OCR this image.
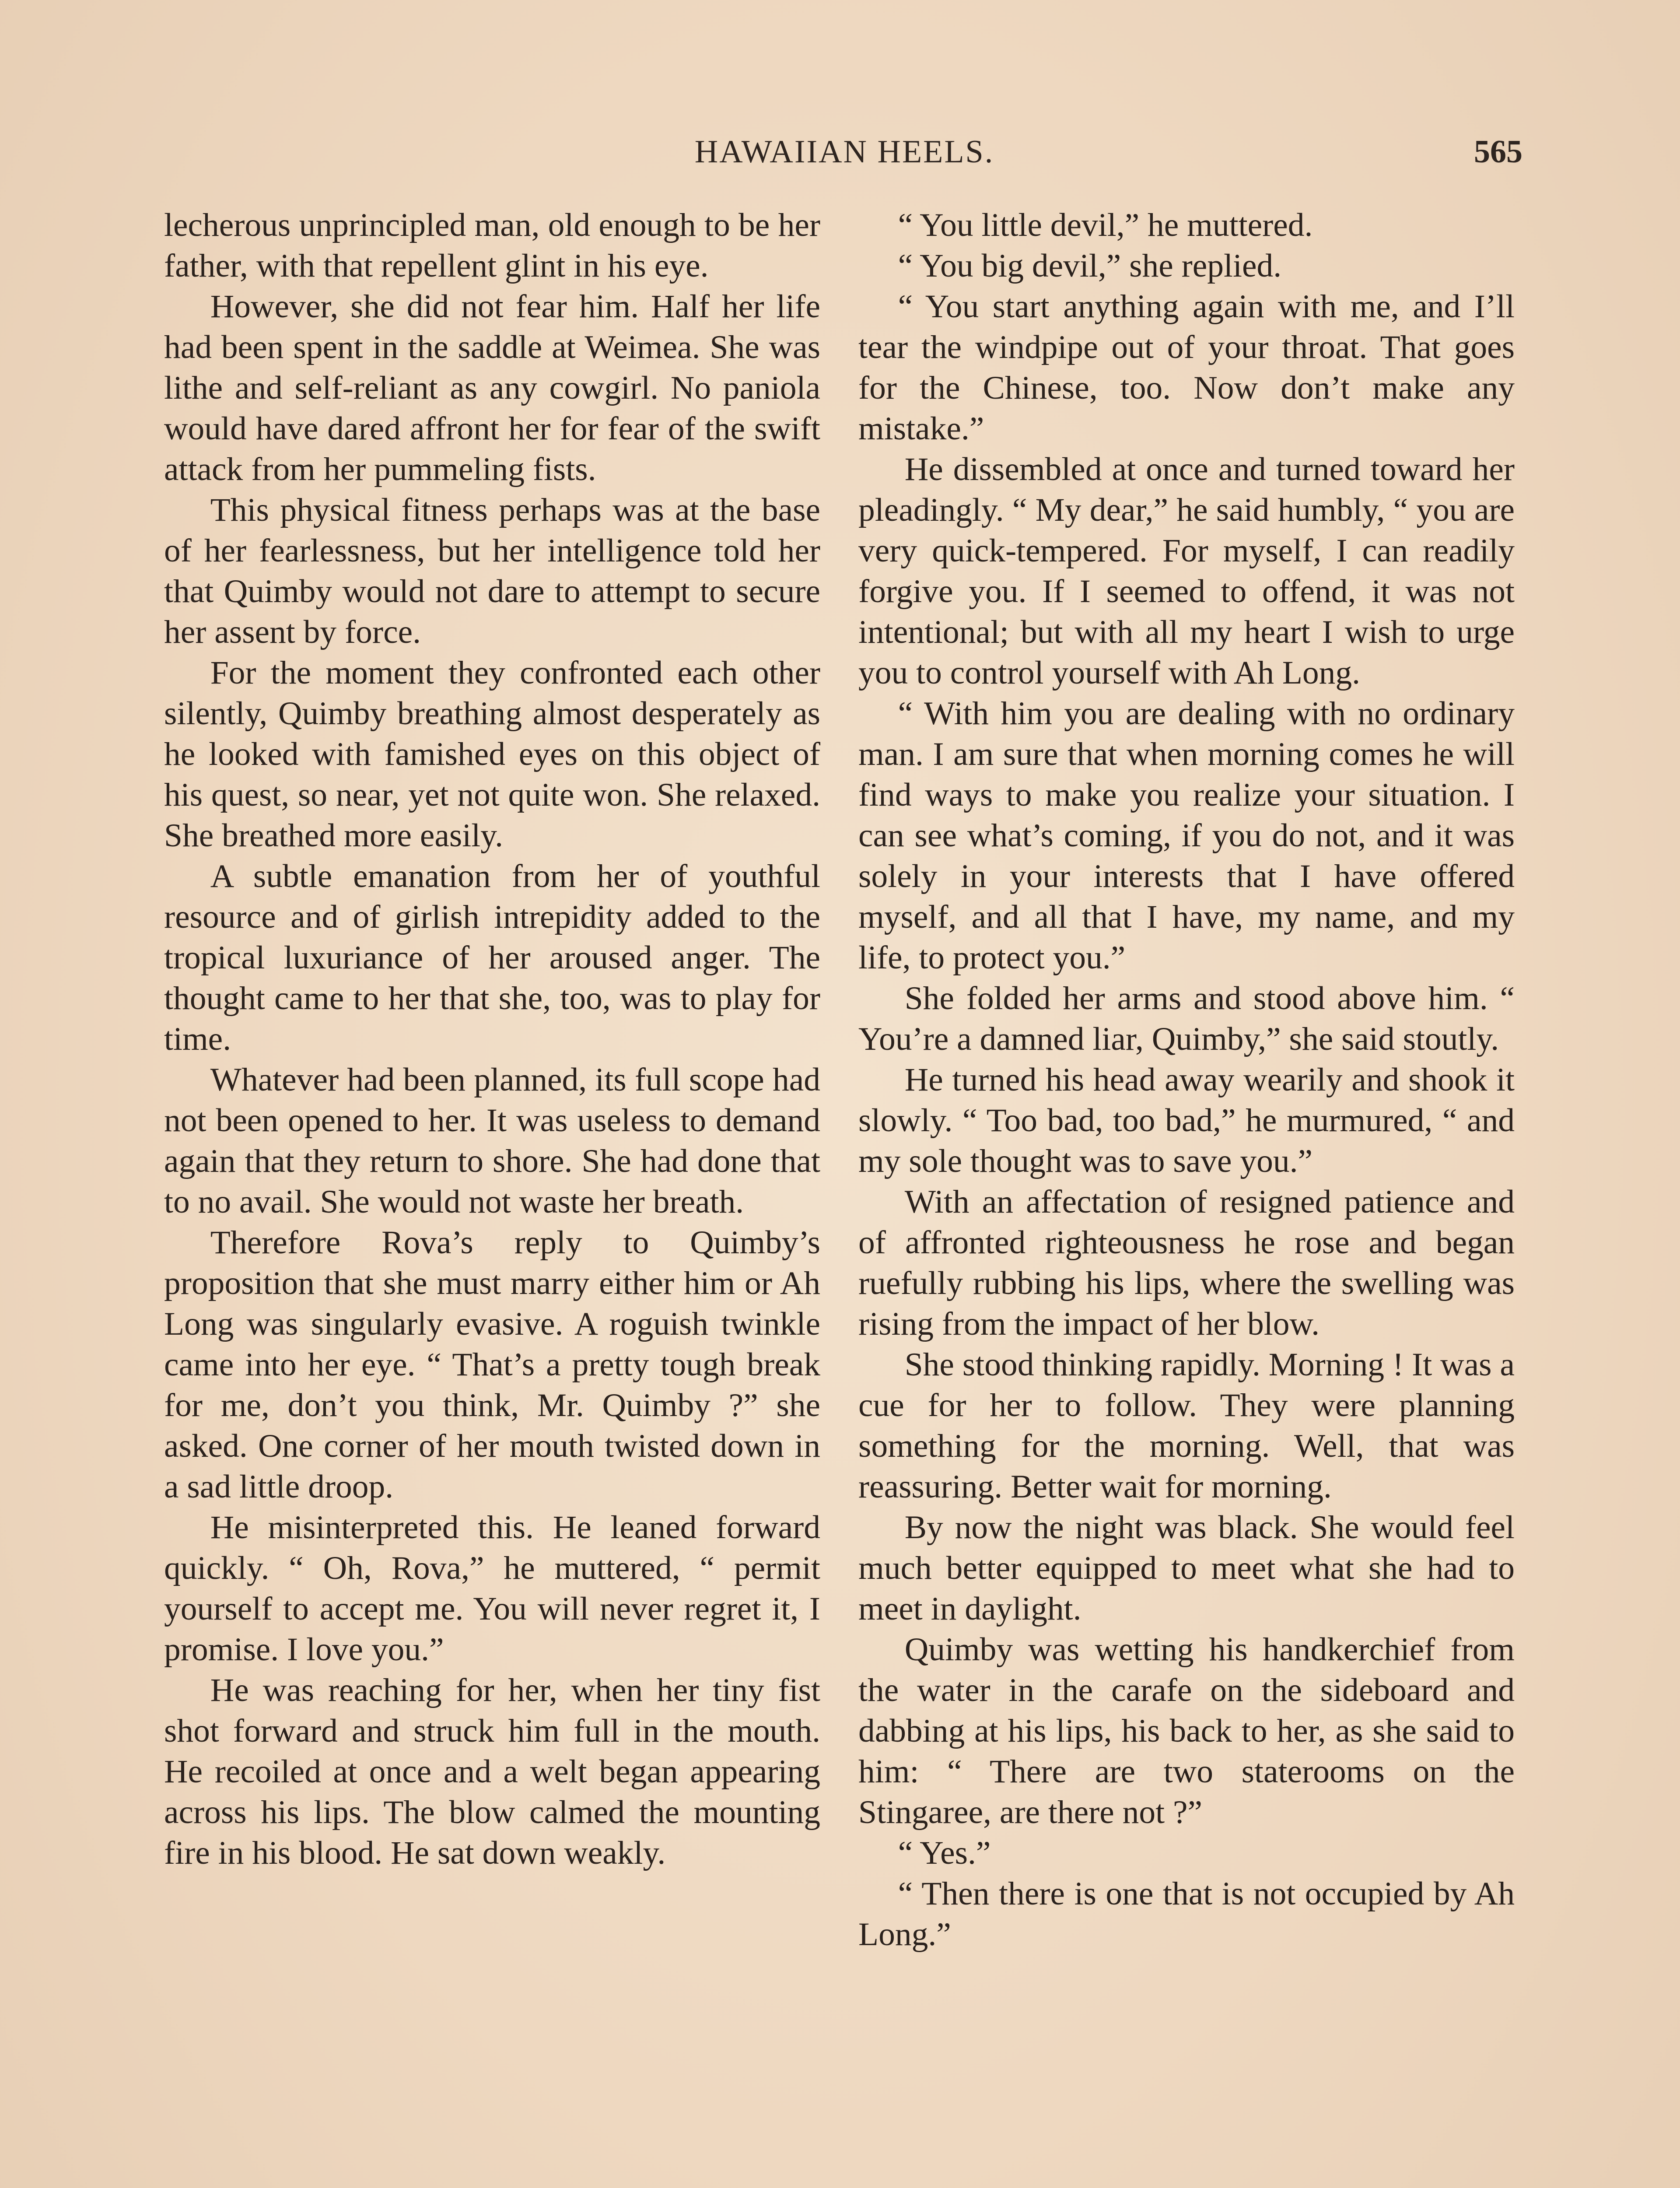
HAWAIIAN HEELS.	565

lecherous unprincipled man, old enough to be her father, with that repellent glint in his eye.

However, she did not fear him. Half her life had been spent in the saddle at Weimea. She was lithe and self-reliant as any cowgirl. No paniola would have dared affront her for fear of the swift attack from her pummeling fists.

This physical fitness perhaps was at the base of her fearlessness, but her intelligence told her that Quimby would not dare to attempt to secure her assent by force.

For the moment they confronted each other silently, Quimby breathing almost desperately as he looked with famished eyes on this object of his quest, so near, yet not quite won. She relaxed. She breathed more easily.

A subtle emanation from her of youthful resource and of girlish intrepidity added to the tropical luxuriance of her aroused anger. The thought came to her that she, too, was to play for time.

Whatever had been planned, its full scope had not been opened to her. It was useless to demand again that they return to shore. She had done that to no avail. She would not waste her breath.

Therefore Rova’s reply to Quimby’s proposition that she must marry either him or Ah Long was singularly evasive. A roguish twinkle came into her eye. “ That’s a pretty tough break for me, don’t you think, Mr. Quimby ?” she asked. One corner of her mouth twisted down in a sad little droop.

He misinterpreted this. He leaned forward quickly. “ Oh, Rova,” he muttered, “ permit yourself to accept me. You will never regret it, I promise. I love you.”

He was reaching for her, when her tiny fist shot forward and struck him full in the mouth. He recoiled at once and a welt began appearing across his lips. The blow calmed the mounting fire in his blood. He sat down weakly.

“ You little devil,” he muttered.

“ You big devil,” she replied.

“ You start anything again with me, and I’ll tear the windpipe out of your throat. That goes for the Chinese, too. Now don’t make any mistake.”

He dissembled at once and turned toward her pleadingly. “ My dear,” he said humbly, “ you are very quick-tempered. For myself, I can readily forgive you. If I seemed to offend, it was not intentional; but with all my heart I wish to urge you to control yourself with Ah Long.

“ With him you are dealing with no ordinary man. I am sure that when morning comes he will find ways to make you realize your situation. I can see what’s coming, if you do not, and it was solely in your interests that I have offered myself, and all that I have, my name, and my life, to protect you.”

She folded her arms and stood above him. “ You’re a damned liar, Quimby,” she said stoutly.

He turned his head away wearily and shook it slowly. “ Too bad, too bad,” he murmured, “ and my sole thought was to save you.”

With an affectation of resigned patience and of affronted righteousness he rose and began ruefully rubbing his lips, where the swelling was rising from the impact of her blow.

She stood thinking rapidly. Morning ! It was a cue for her to follow. They were planning something for the morning. Well, that was reassuring. Better wait for morning.

By now the night was black. She would feel much better equipped to meet what she had to meet in daylight.

Quimby was wetting his handkerchief from the water in the carafe on the sideboard and dabbing at his lips, his back to her, as she said to him: “ There are two staterooms on the Stingaree, are there not ?”

“ Yes.”

“ Then there is one that is not occupied by Ah Long.”
